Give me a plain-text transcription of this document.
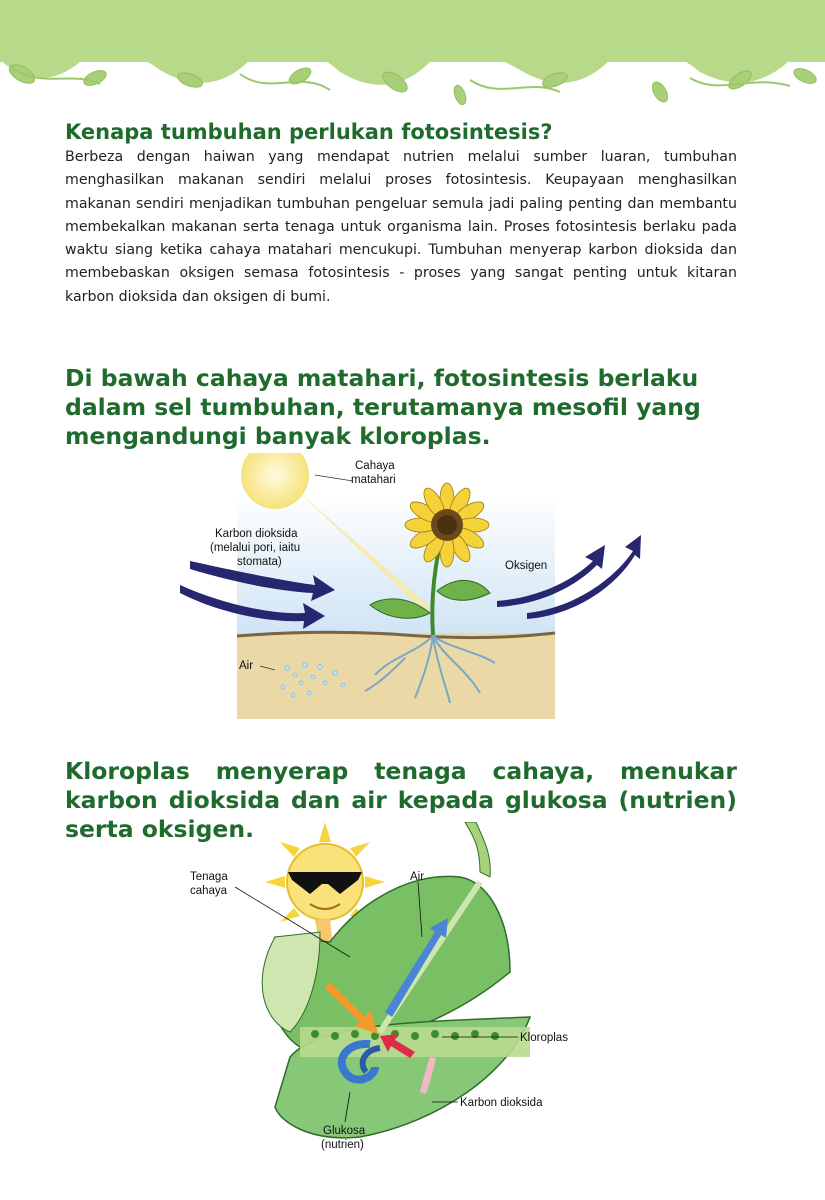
Kenapa tumbuhan perlukan fotosintesis?

Berbeza dengan haiwan yang mendapat nutrien melalui sumber luaran, tumbuhan menghasilkan makanan sendiri melalui proses fotosintesis. Keupayaan menghasilkan makanan sendiri menjadikan tumbuhan pengeluar semula jadi paling penting dan membantu membekalkan makanan serta tenaga untuk organisma lain. Proses fotosintesis berlaku pada waktu siang ketika cahaya matahari mencukupi. Tumbuhan menyerap karbon dioksida dan membebaskan oksigen semasa fotosintesis - proses yang sangat penting untuk kitaran karbon dioksida dan oksigen di bumi.

Di bawah cahaya matahari, fotosintesis berlaku dalam sel tumbuhan, terutamanya mesofil yang mengandungi banyak kloroplas.
Cahaya
matahari
Karbon dioksida
(melalui pori, iaitu
stomata)	Oksigen
Air
Kloroplas menyerap tenaga cahaya, menukar karbon dioksida dan air kepada glukosa (nutrien) serta oksigen.
Tenaga
cahaya
Air
Kloroplas
Karbon dioksida
Glukosa
(nutrien)
